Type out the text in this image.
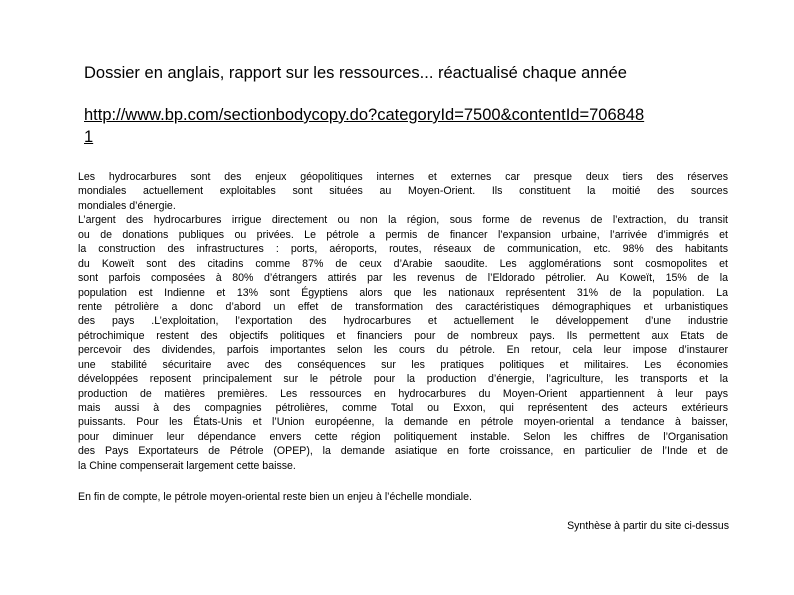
Dossier en anglais, rapport sur les ressources... réactualisé chaque année
http://www.bp.com/sectionbodycopy.do?categoryId=7500&contentId=706848
1
Les hydrocarbures sont des enjeux géopolitiques internes et externes car presque deux tiers des réserves
mondiales actuellement exploitables sont situées au Moyen-Orient. Ils constituent la moitié des sources
mondiales d’énergie.
L’argent des hydrocarbures irrigue directement ou non la région, sous forme de revenus de l’extraction, du transit
ou de donations publiques ou privées. Le pétrole a permis de financer l’expansion urbaine, l’arrivée d’immigrés et
la construction des infrastructures : ports, aéroports, routes, réseaux de communication, etc. 98% des habitants
du Koweït sont des citadins comme 87% de ceux d’Arabie saoudite. Les agglomérations sont cosmopolites et
sont parfois composées à 80% d’étrangers attirés par les revenus de l’Eldorado pétrolier. Au Koweït, 15% de la
population est Indienne et 13% sont Égyptiens alors que les nationaux représentent 31% de la population. La
rente pétrolière a donc d’abord un effet de transformation des caractéristiques démographiques et urbanistiques
des pays .L’exploitation, l’exportation des hydrocarbures et actuellement le développement d’une industrie
pétrochimique restent des objectifs politiques et financiers pour de nombreux pays. Ils permettent aux Etats de
percevoir des dividendes, parfois importantes selon les cours du pétrole. En retour, cela leur impose d’instaurer
une stabilité sécuritaire avec des conséquences sur les pratiques politiques et militaires. Les économies
développées reposent principalement sur le pétrole pour la production d’énergie, l’agriculture, les transports et la
production de matières premières. Les ressources en hydrocarbures du Moyen-Orient appartiennent à leur pays
mais aussi à des compagnies pétrolières, comme Total ou Exxon, qui représentent des acteurs extérieurs
puissants. Pour les États-Unis et l’Union européenne, la demande en pétrole moyen-oriental a tendance à baisser,
pour diminuer leur dépendance envers cette région politiquement instable. Selon les chiffres de l’Organisation
des Pays Exportateurs de Pétrole (OPEP), la demande asiatique en forte croissance, en particulier de l’Inde et de
la Chine compenserait largement cette baisse.
En fin de compte, le pétrole moyen-oriental reste bien un enjeu à l’échelle mondiale.
Synthèse à partir du site ci-dessus
